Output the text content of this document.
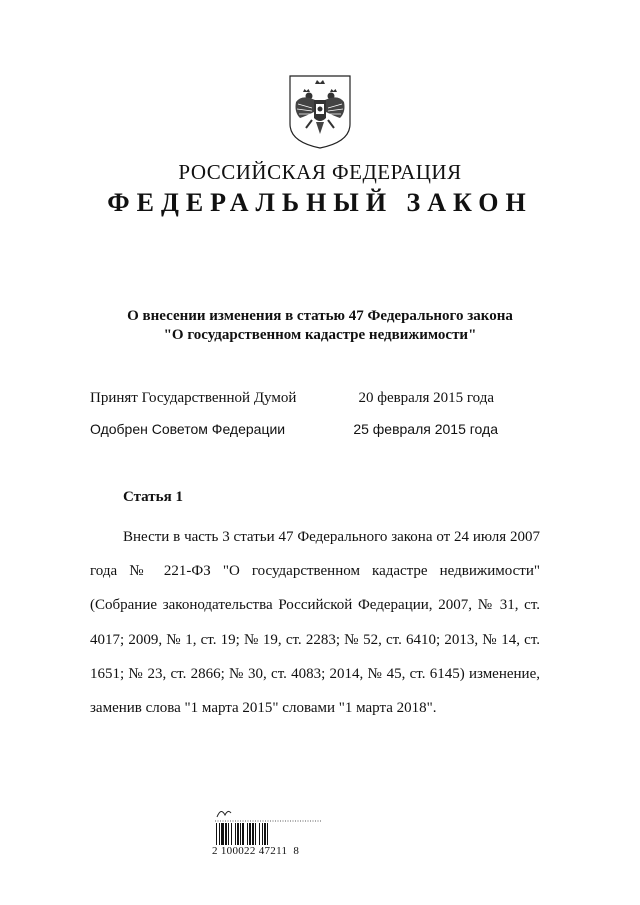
РОССИЙСКАЯ ФЕДЕРАЦИЯ
ФЕДЕРАЛЬНЫЙ ЗАКОН
О внесении изменения в статью 47 Федерального закона
"О государственном кадастре недвижимости"
Принят Государственной Думой	20 февраля 2015 года
Одобрен Советом Федерации	25 февраля 2015 года
Статья 1
Внести в часть 3 статьи 47 Федерального закона от 24 июля 2007 года № 221-ФЗ "О государственном кадастре недвижимости" (Собрание законодательства Российской Федерации, 2007, № 31, ст. 4017; 2009, № 1, ст. 19; № 19, ст. 2283; № 52, ст. 6410; 2013, № 14, ст. 1651; № 23, ст. 2866; № 30, ст. 4083; 2014, № 45, ст. 6145) изменение, заменив слова "1 марта 2015" словами "1 марта 2018".
2 100022 47211  8
